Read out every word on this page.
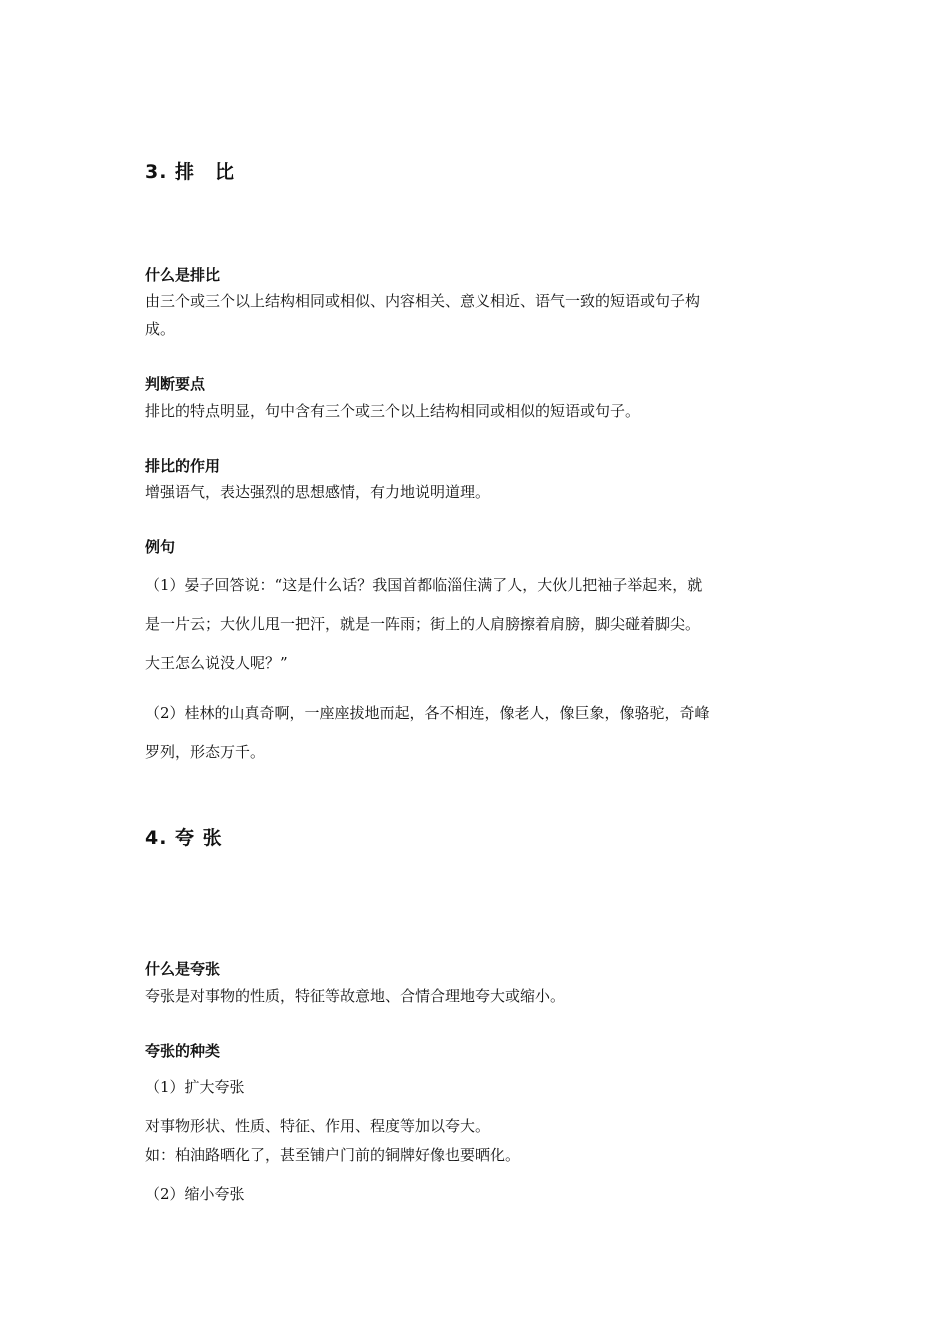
3. 排　比
什么是排比
由三个或三个以上结构相同或相似、内容相关、意义相近、语气一致的短语或句子构
成。
判断要点
排比的特点明显，句中含有三个或三个以上结构相同或相似的短语或句子。
排比的作用
增强语气，表达强烈的思想感情，有力地说明道理。
例句
（1）晏子回答说：“这是什么话？我国首都临淄住满了人，大伙儿把袖子举起来，就
是一片云；大伙儿甩一把汗，就是一阵雨；街上的人肩膀擦着肩膀，脚尖碰着脚尖。
大王怎么说没人呢？”
（2）桂林的山真奇啊，一座座拔地而起，各不相连，像老人，像巨象，像骆驼，奇峰
罗列，形态万千。
4. 夸 张
什么是夸张
夸张是对事物的性质，特征等故意地、合情合理地夸大或缩小。
夸张的种类
（1）扩大夸张
对事物形状、性质、特征、作用、程度等加以夸大。
如：柏油路晒化了，甚至铺户门前的铜牌好像也要晒化。
（2）缩小夸张
